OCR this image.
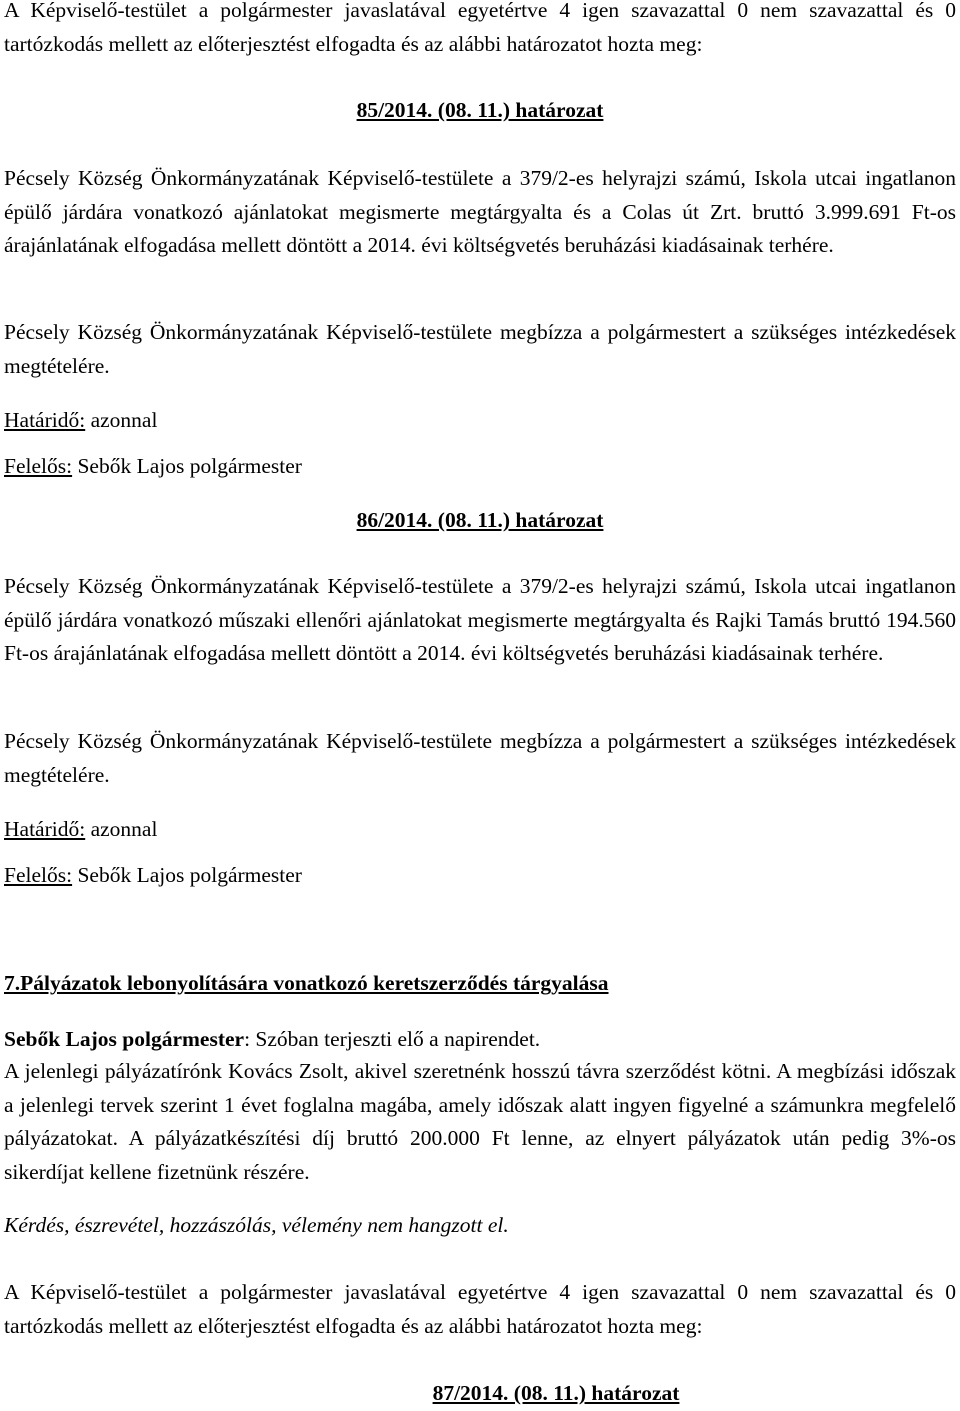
A Képviselő-testület a polgármester javaslatával egyetértve 4 igen szavazattal 0 nem szavazattal és 0 tartózkodás mellett az előterjesztést elfogadta és az alábbi határozatot hozta meg:

85/2014. (08. 11.) határozat

Pécsely Község Önkormányzatának Képviselő-testülete a 379/2-es helyrajzi számú, Iskola utcai ingatlanon épülő járdára vonatkozó ajánlatokat megismerte megtárgyalta és a Colas út Zrt. bruttó 3.999.691 Ft-os árajánlatának elfogadása mellett döntött a 2014. évi költségvetés beruházási kiadásainak terhére.

Pécsely Község Önkormányzatának Képviselő-testülete megbízza a polgármestert a szükséges intézkedések megtételére.

Határidő: azonnal

Felelős: Sebők Lajos polgármester

86/2014. (08. 11.) határozat

Pécsely Község Önkormányzatának Képviselő-testülete a 379/2-es helyrajzi számú, Iskola utcai ingatlanon épülő járdára vonatkozó műszaki ellenőri ajánlatokat megismerte megtárgyalta és Rajki Tamás bruttó 194.560 Ft-os árajánlatának elfogadása mellett döntött a 2014. évi költségvetés beruházási kiadásainak terhére.

Pécsely Község Önkormányzatának Képviselő-testülete megbízza a polgármestert a szükséges intézkedések megtételére.

Határidő: azonnal

Felelős: Sebők Lajos polgármester

7.Pályázatok lebonyolítására vonatkozó keretszerződés tárgyalása

Sebők Lajos polgármester: Szóban terjeszti elő a napirendet.

A jelenlegi pályázatírónk Kovács Zsolt, akivel szeretnénk hosszú távra szerződést kötni. A megbízási időszak a jelenlegi tervek szerint 1 évet foglalna magába, amely időszak alatt ingyen figyelné a számunkra megfelelő pályázatokat. A pályázatkészítési díj bruttó 200.000 Ft lenne, az elnyert pályázatok után pedig 3%-os sikerdíjat kellene fizetnünk részére.

Kérdés, észrevétel, hozzászólás, vélemény nem hangzott el.

A Képviselő-testület a polgármester javaslatával egyetértve 4 igen szavazattal 0 nem szavazattal és 0 tartózkodás mellett az előterjesztést elfogadta és az alábbi határozatot hozta meg:

87/2014. (08. 11.) határozat
